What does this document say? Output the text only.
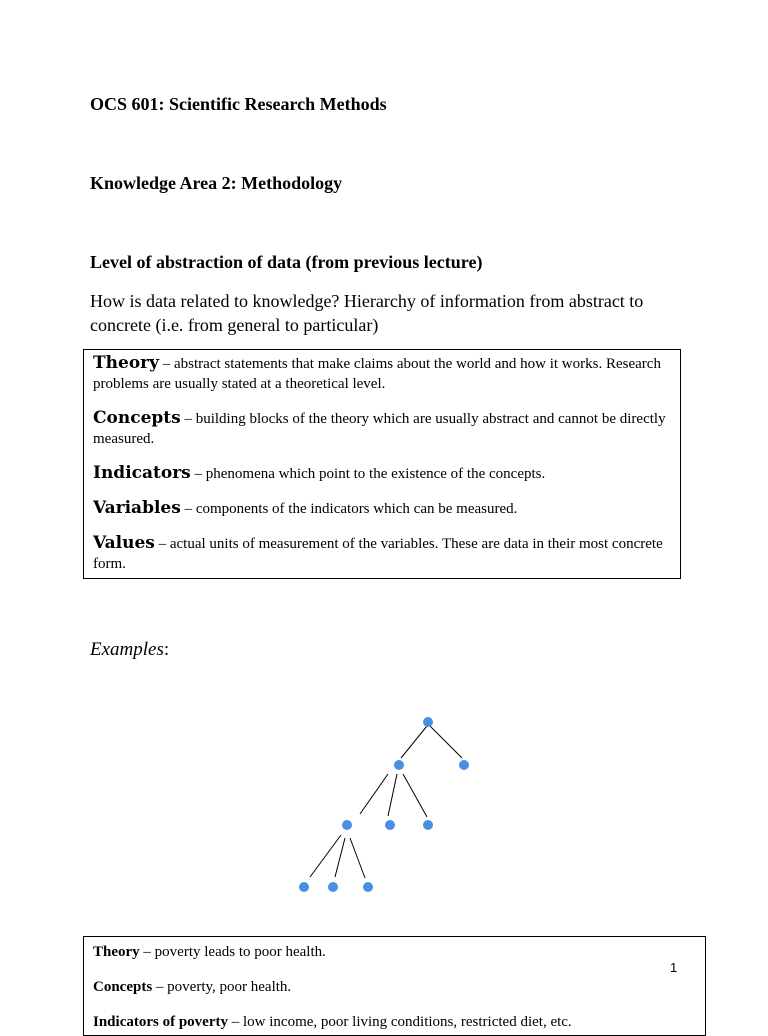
OCS 601: Scientific Research Methods
Knowledge Area 2: Methodology
Level of abstraction of data (from previous lecture)
How is data related to knowledge? Hierarchy of information from abstract to concrete (i.e. from general to particular)
Theory – abstract statements that make claims about the world and how it works. Research problems are usually stated at a theoretical level.
Concepts – building blocks of the theory which are usually abstract and cannot be directly measured.
Indicators – phenomena which point to the existence of the concepts.
Variables – components of the indicators which can be measured.
Values – actual units of measurement of the variables. These are data in their most concrete form.
Examples:
Theory – poverty leads to poor health.
Concepts – poverty, poor health.
Indicators of poverty – low income, poor living conditions, restricted diet, etc.
1
